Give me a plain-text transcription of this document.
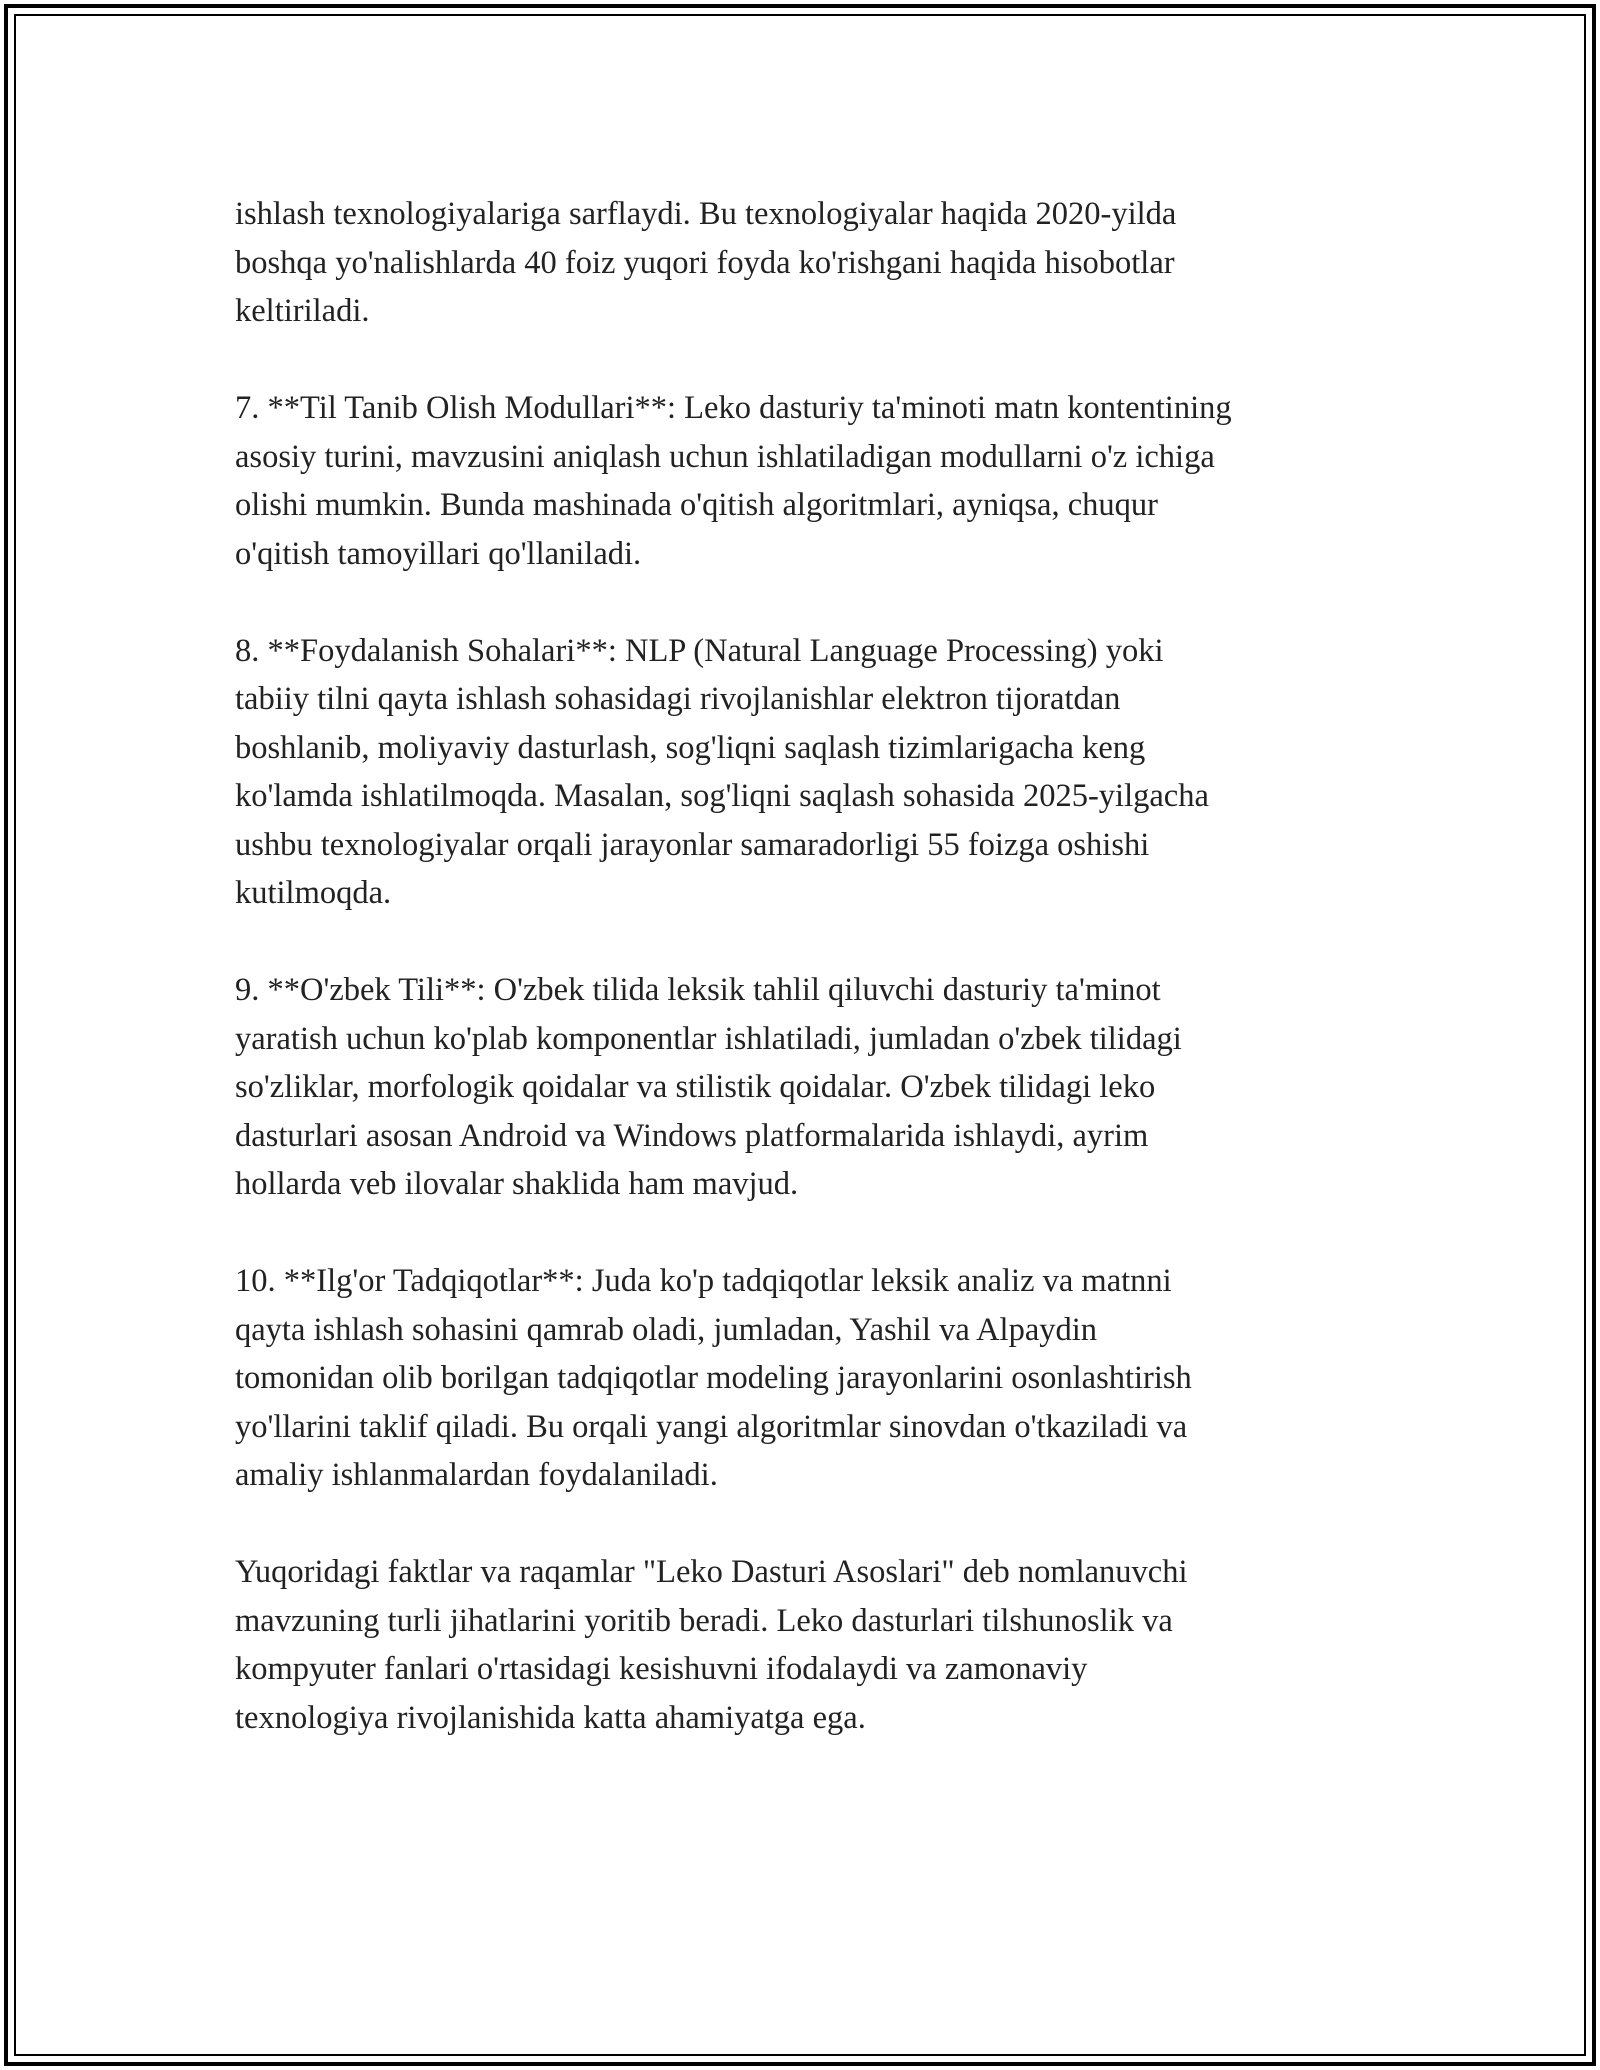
ishlash texnologiyalariga sarflaydi. Bu texnologiyalar haqida 2020-yilda
boshqa yo'nalishlarda 40 foiz yuqori foyda ko'rishgani haqida hisobotlar
keltiriladi.

7. **Til Tanib Olish Modullari**: Leko dasturiy ta'minoti matn kontentining
asosiy turini, mavzusini aniqlash uchun ishlatiladigan modullarni o'z ichiga
olishi mumkin. Bunda mashinada o'qitish algoritmlari, ayniqsa, chuqur
o'qitish tamoyillari qo'llaniladi.

8. **Foydalanish Sohalari**: NLP (Natural Language Processing) yoki
tabiiy tilni qayta ishlash sohasidagi rivojlanishlar elektron tijoratdan
boshlanib, moliyaviy dasturlash, sog'liqni saqlash tizimlarigacha keng
ko'lamda ishlatilmoqda. Masalan, sog'liqni saqlash sohasida 2025-yilgacha
ushbu texnologiyalar orqali jarayonlar samaradorligi 55 foizga oshishi
kutilmoqda.

9. **O'zbek Tili**: O'zbek tilida leksik tahlil qiluvchi dasturiy ta'minot
yaratish uchun ko'plab komponentlar ishlatiladi, jumladan o'zbek tilidagi
so'zliklar, morfologik qoidalar va stilistik qoidalar. O'zbek tilidagi leko
dasturlari asosan Android va Windows platformalarida ishlaydi, ayrim
hollarda veb ilovalar shaklida ham mavjud.

10. **Ilg'or Tadqiqotlar**: Juda ko'p tadqiqotlar leksik analiz va matnni
qayta ishlash sohasini qamrab oladi, jumladan, Yashil va Alpaydin
tomonidan olib borilgan tadqiqotlar modeling jarayonlarini osonlashtirish
yo'llarini taklif qiladi. Bu orqali yangi algoritmlar sinovdan o'tkaziladi va
amaliy ishlanmalardan foydalaniladi.

Yuqoridagi faktlar va raqamlar "Leko Dasturi Asoslari" deb nomlanuvchi
mavzuning turli jihatlarini yoritib beradi. Leko dasturlari tilshunoslik va
kompyuter fanlari o'rtasidagi kesishuvni ifodalaydi va zamonaviy
texnologiya rivojlanishida katta ahamiyatga ega.
